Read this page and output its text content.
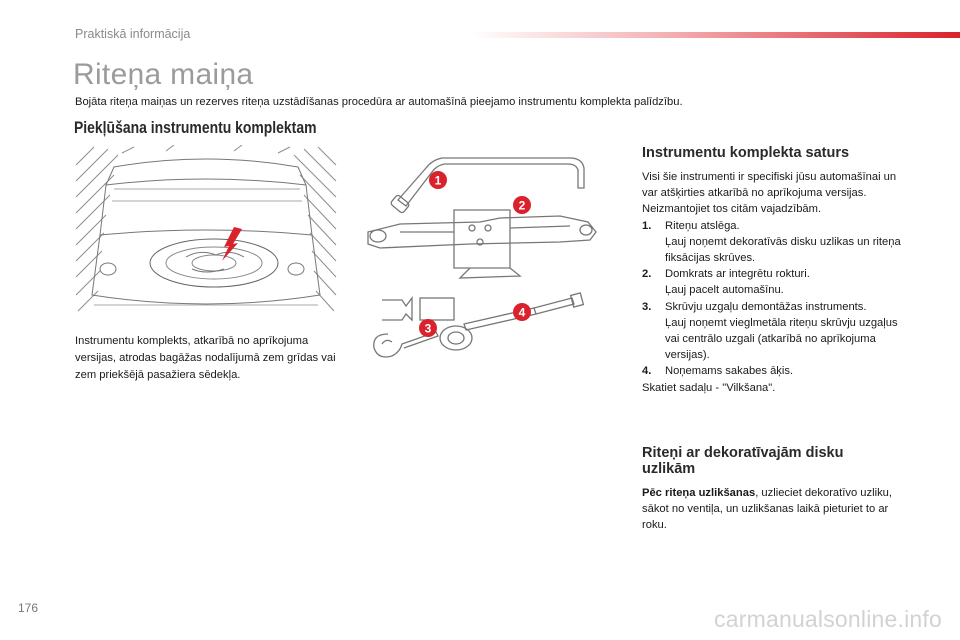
Praktiskā informācija
Riteņa maiņa
Bojāta riteņa maiņas un rezerves riteņa uzstādīšanas procedūra ar automašīnā pieejamo instrumentu komplekta palīdzību.
Piekļūšana instrumentu komplektam
Instrumentu komplekts, atkarībā no aprīkojuma versijas, atrodas bagāžas nodalījumā zem grīdas vai zem priekšējā pasažiera sēdekļa.
1
2
3
4
Instrumentu komplekta saturs

Visi šie instrumenti ir specifiski jūsu automašīnai un var atšķirties atkarībā no aprīkojuma versijas. Neizmantojiet tos citām vajadzībām.

1. Riteņu atslēga.
Ļauj noņemt dekoratīvās disku uzlikas un riteņa fiksācijas skrūves.
2. Domkrats ar integrētu rokturi.
Ļauj pacelt automašīnu.
3. Skrūvju uzgaļu demontāžas instruments.
Ļauj noņemt vieglmetāla riteņu skrūvju uzgaļus vai centrālo uzgali (atkarībā no aprīkojuma versijas).
4. Noņemams sakabes āķis.

Skatiet sadaļu - "Vilkšana".

Riteņi ar dekoratīvajām disku uzlikām
Pēc riteņa uzlikšanas, uzlieciet dekoratīvo uzliku, sākot no ventiļa, un uzlikšanas laikā pieturiet to ar roku.
176	carmanualsonline.info
